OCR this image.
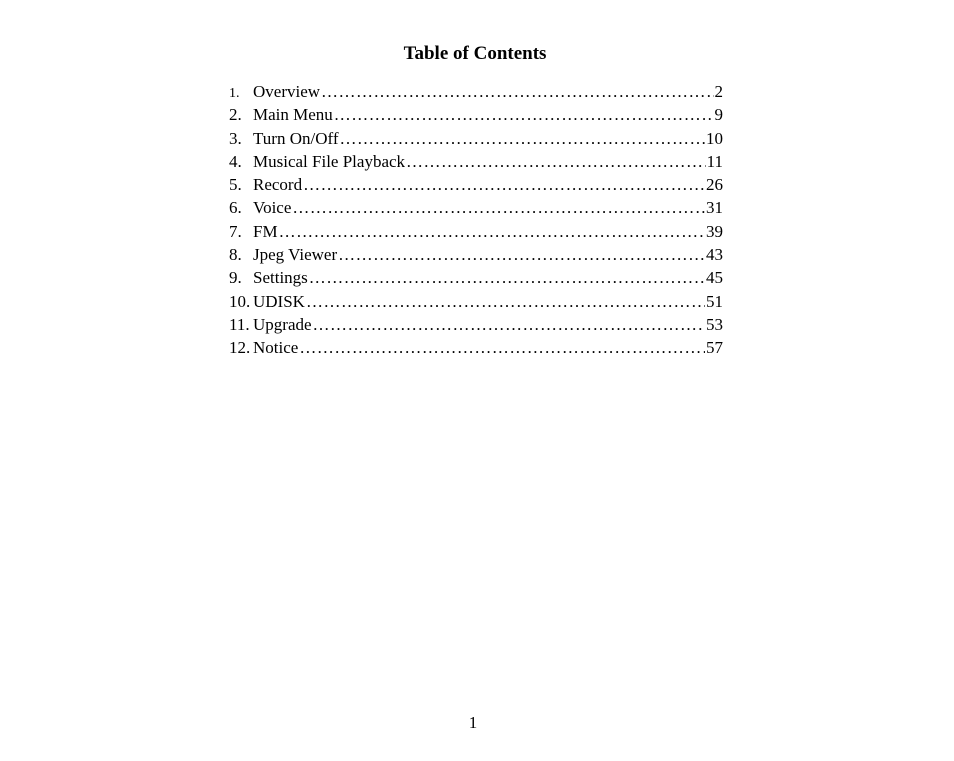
Table of Contents
1. Overview ………………………………………………………………………………………………………………………………	2
2. Main Menu ………………………………………………………………………………………………………………………………	9
3. Turn On/Off ………………………………………………………………………………………………………………………………	10
4. Musical File Playback ………………………………………………………………………………………………………………………………	11
5. Record ………………………………………………………………………………………………………………………………	26
6. Voice ………………………………………………………………………………………………………………………………	31
7. FM ………………………………………………………………………………………………………………………………	39
8. Jpeg Viewer ………………………………………………………………………………………………………………………………	43
9. Settings ………………………………………………………………………………………………………………………………	45
10. UDISK ………………………………………………………………………………………………………………………………	51
11. Upgrade ………………………………………………………………………………………………………………………………	53
12. Notice ………………………………………………………………………………………………………………………………	57

1
